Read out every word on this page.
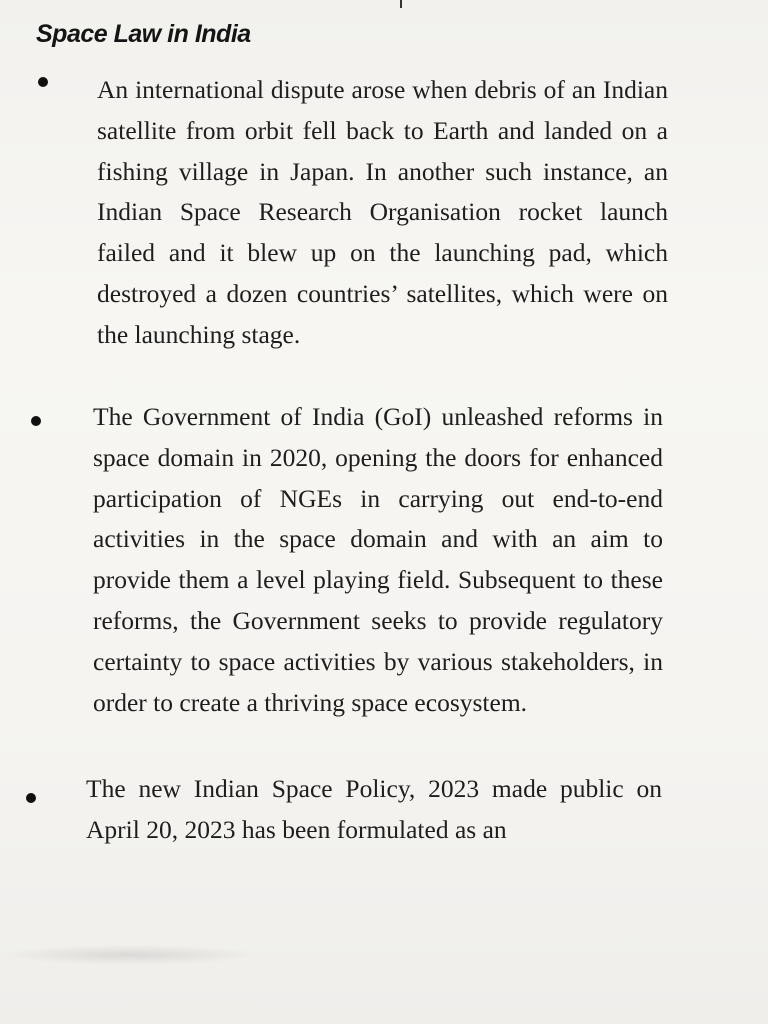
Space Law in India

An international dispute arose when debris of an Indian satellite from orbit fell back to Earth and landed on a fishing village in Japan. In another such instance, an Indian Space Research Organisation rocket launch failed and it blew up on the launching pad, which destroyed a dozen countries’ satellites, which were on the launching stage.

The Government of India (GoI) unleashed reforms in space domain in 2020, opening the doors for enhanced participation of NGEs in carrying out end-to-end activities in the space domain and with an aim to provide them a level playing field. Subsequent to these reforms, the Government seeks to provide regulatory certainty to space activities by various stakeholders, in order to create a thriving space ecosystem.

The new Indian Space Policy, 2023 made public on April 20, 2023 has been formulated as an
